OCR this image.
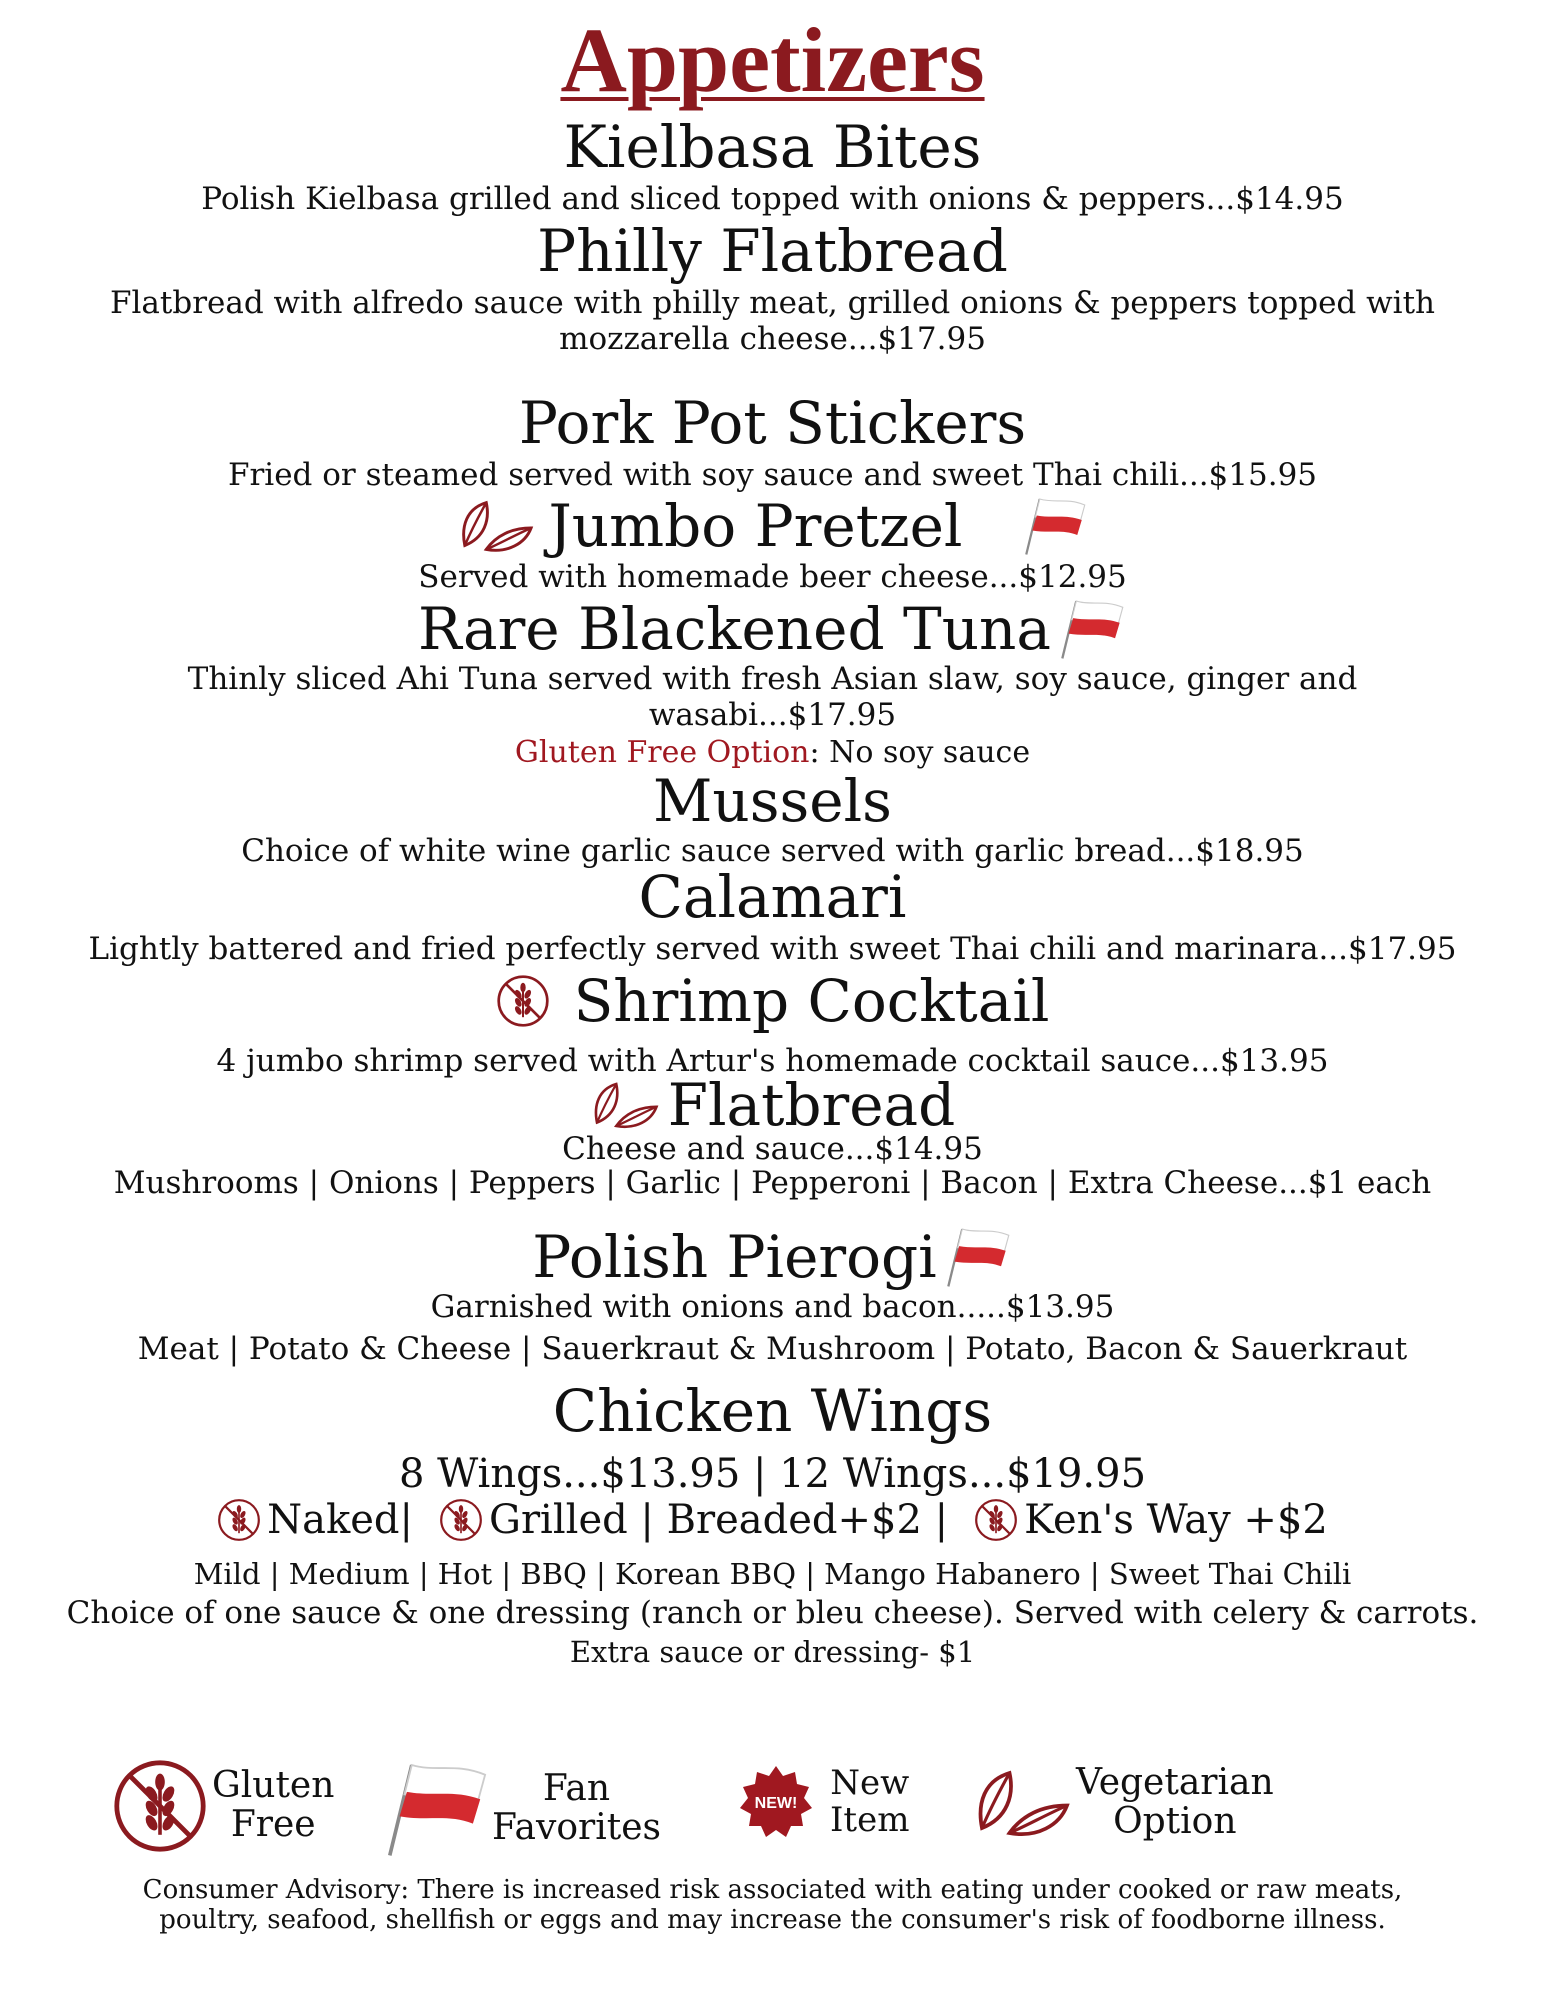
Appetizers
Kielbasa Bites
Polish Kielbasa grilled and sliced topped with onions & peppers...$14.95
Philly Flatbread
Flatbread with alfredo sauce with philly meat, grilled onions & peppers topped with
mozzarella cheese...$17.95
Pork Pot Stickers
Fried or steamed served with soy sauce and sweet Thai chili...$15.95
Jumbo Pretzel
Served with homemade beer cheese...$12.95
Rare Blackened Tuna
Thinly sliced Ahi Tuna served with fresh Asian slaw, soy sauce, ginger and
wasabi...$17.95
Gluten Free Option: No soy sauce
Mussels
Choice of white wine garlic sauce served with garlic bread...$18.95
Calamari
Lightly battered and fried perfectly served with sweet Thai chili and marinara...$17.95
Shrimp Cocktail
4 jumbo shrimp served with Artur's homemade cocktail sauce...$13.95
Flatbread
Cheese and sauce...$14.95
Mushrooms | Onions | Peppers | Garlic | Pepperoni | Bacon | Extra Cheese...$1 each
Polish Pierogi
Garnished with onions and bacon.....$13.95
Meat | Potato & Cheese | Sauerkraut & Mushroom | Potato, Bacon & Sauerkraut
Chicken Wings
8 Wings...$13.95 | 12 Wings...$19.95
Naked| Grilled | Breaded+$2 | Ken's Way +$2
Mild | Medium | Hot | BBQ | Korean BBQ | Mango Habanero | Sweet Thai Chili
Choice of one sauce & one dressing (ranch or bleu cheese). Served with celery & carrots.
Extra sauce or dressing- $1
Gluten
Free
Fan
Favorites
NEW!
New
Item
Vegetarian
Option
Consumer Advisory: There is increased risk associated with eating under cooked or raw meats,
poultry, seafood, shellfish or eggs and may increase the consumer's risk of foodborne illness.
